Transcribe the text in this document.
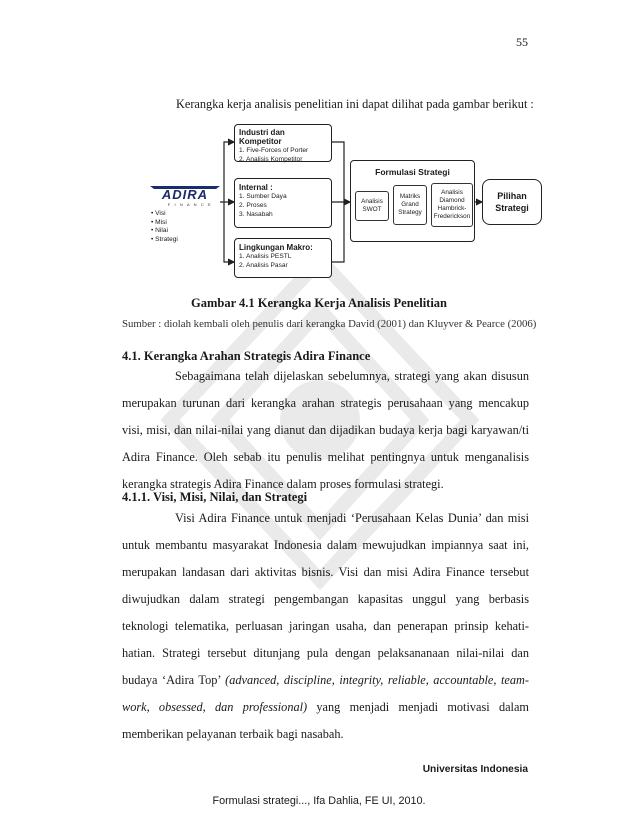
55
Kerangka kerja analisis penelitian ini dapat dilihat pada gambar berikut :
ADIRA
F I N A N C E
• Visi
• Misi
• Nilai
• Strategi
Industri dan Kompetitor
1. Five-Forces of Porter
2. Analisis Kompetitor
Internal :
1. Sumber Daya
2. Proses
3. Nasabah
Lingkungan Makro:
1. Analisis PESTL
2. Analisis Pasar
Formulasi Strategi
Analisis SWOT
Matriks Grand Strategy
Analisis Diamond Hambrick-Frederickson
Pilihan Strategi
Gambar 4.1 Kerangka Kerja Analisis Penelitian
Sumber : diolah kembali oleh penulis dari kerangka David (2001) dan Kluyver & Pearce (2006)
4.1. Kerangka Arahan Strategis Adira Finance
Sebagaimana telah dijelaskan sebelumnya, strategi yang akan disusun
merupakan turunan dari kerangka arahan strategis perusahaan yang mencakup
visi, misi, dan nilai-nilai yang dianut dan dijadikan budaya kerja bagi karyawan/ti
Adira Finance. Oleh sebab itu penulis melihat pentingnya untuk menganalisis
kerangka strategis Adira Finance dalam proses formulasi strategi.
4.1.1. Visi, Misi, Nilai, dan Strategi
Visi Adira Finance untuk menjadi ‘Perusahaan Kelas Dunia’ dan misi
untuk membantu masyarakat Indonesia dalam mewujudkan impiannya saat ini,
merupakan landasan dari aktivitas bisnis. Visi dan misi Adira Finance tersebut
diwujudkan dalam strategi pengembangan kapasitas unggul yang berbasis
teknologi telematika, perluasan jaringan usaha, dan penerapan prinsip kehati-
hatian. Strategi tersebut ditunjang pula dengan pelaksananaan nilai-nilai dan
budaya ‘Adira Top’ (advanced, discipline, integrity, reliable, accountable, team-
work, obsessed, dan professional) yang menjadi menjadi motivasi dalam
memberikan pelayanan terbaik bagi nasabah.
Universitas Indonesia
Formulasi strategi..., Ifa Dahlia, FE UI, 2010.
